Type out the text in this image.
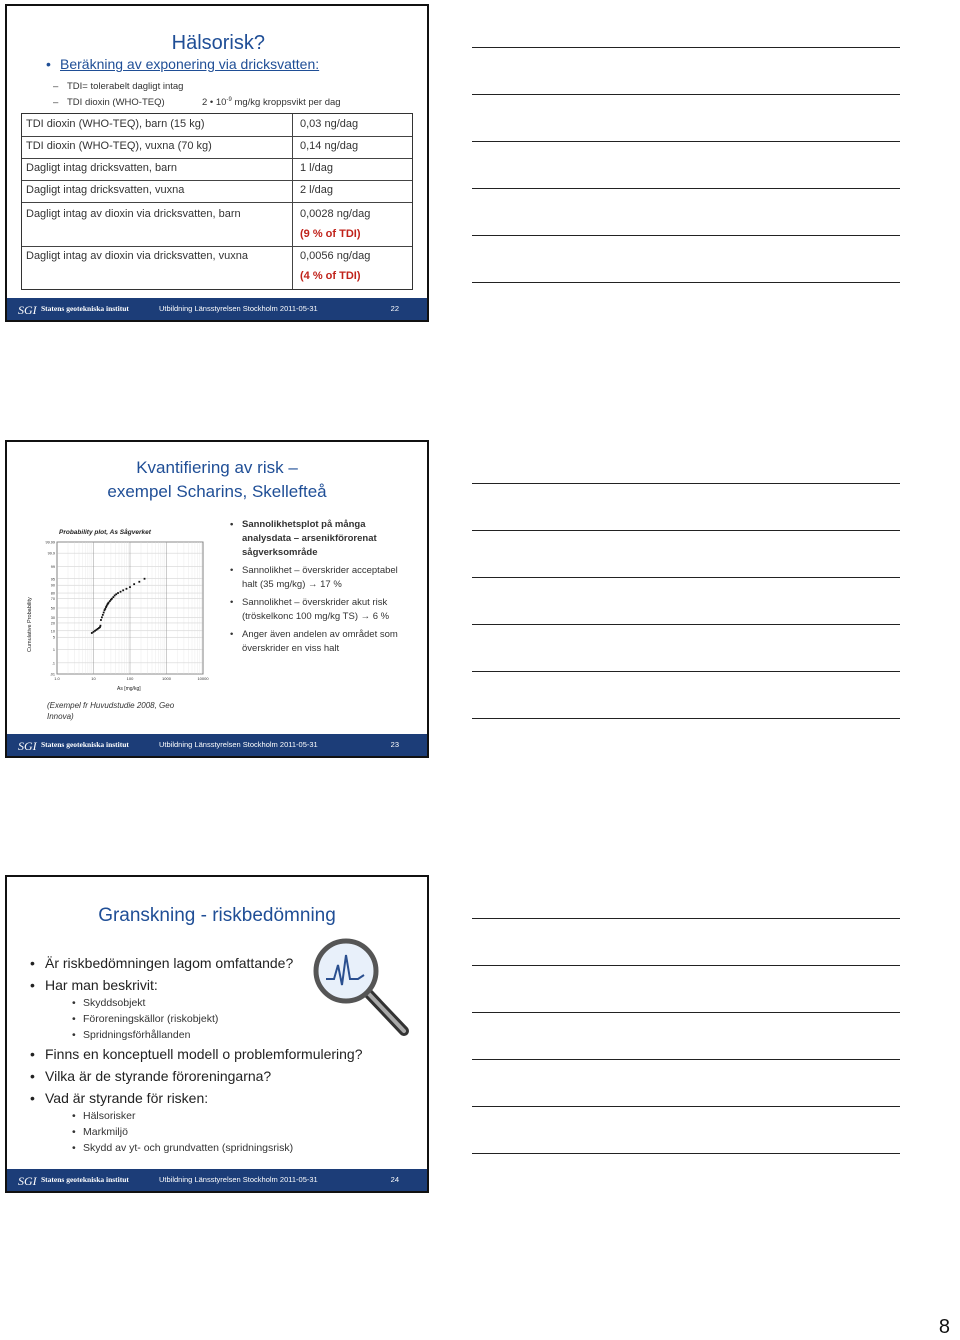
Hälsorisk?
• Beräkning av exponering via dricksvatten:
– TDI= tolerabelt dagligt intag
– TDI dioxin (WHO-TEQ)	2 • $10^{-9}$ mg/kg kroppsvikt per dag
TDI dioxin (WHO-TEQ), barn (15 kg)	0,03 ng/dag
TDI dioxin (WHO-TEQ), vuxna (70 kg)	0,14 ng/dag
Dagligt intag dricksvatten, barn	1 l/dag
Dagligt intag dricksvatten, vuxna	2 l/dag
Dagligt intag av dioxin via dricksvatten, barn	0,0028 ng/dag
(9 % of TDI)
Dagligt intag av dioxin via dricksvatten, vuxna	0,0056 ng/dag
(4 % of TDI)
SGI Statens geotekniska institut	Utbildning Länsstyrelsen Stockholm 2011-05-31	22
Kvantifiering av risk –
exempel Scharins, Skellefteå
Probability plot, As Sågverket
Cumulative Probability
As [mg/kg]
99.99
99.9
99
95
90
80
70
50
30
20
10
5
1
.1
.01
1.0	10	100	1000	10000
• Sannolikhetsplot på många analysdata – arsenikförorenat sågverksområde
• Sannolikhet – överskrider acceptabel halt (35 mg/kg) → 17 %
• Sannolikhet – överskrider akut risk (tröskelkonc 100 mg/kg TS) → 6 %
• Anger även andelen av området som överskrider en viss halt
(Exempel fr Huvudstudie 2008, Geo Innova)
SGI Statens geotekniska institut	Utbildning Länsstyrelsen Stockholm 2011-05-31	23
Granskning - riskbedömning
• Är riskbedömningen lagom omfattande?
• Har man beskrivit:
• Skyddsobjekt
• Föroreningskällor (riskobjekt)
• Spridningsförhållanden
• Finns en konceptuell modell o problemformulering?
• Vilka är de styrande föroreningarna?
• Vad är styrande för risken:
• Hälsorisker
• Markmiljö
• Skydd av yt- och grundvatten (spridningsrisk)
SGI Statens geotekniska institut	Utbildning Länsstyrelsen Stockholm 2011-05-31	24
8
